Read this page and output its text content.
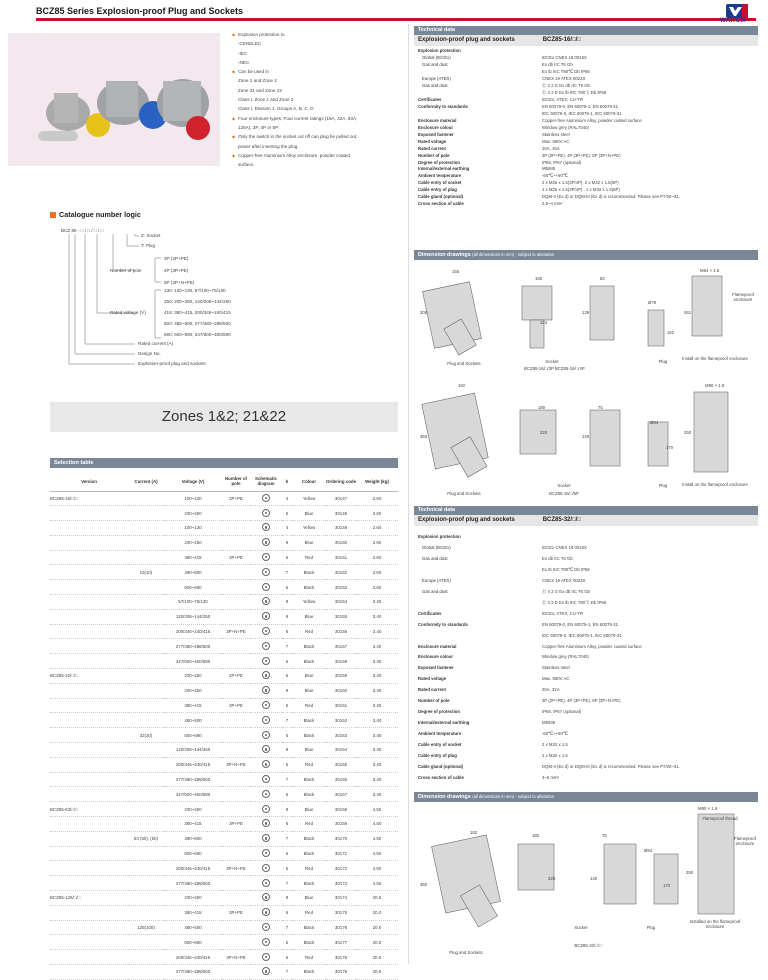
BCZ85 Series Explosion-proof Plug and Sockets
WAROM
◆ Explosion protection to
-CENELEC
-IEC
-NEC
◆ Can be used in
Zone 1 and Zone 2
Zone 21 and Zone 22
Class I, Zone 1 and Zone 2
Class I, Division 1, Groups A, B, C, D
◆ Four enclosure types; Four current ratings (16A, 32A, 63A,
125A); 3P, 4P or 5P.
◆ Only the switch in the socket cut off can plug be pulled out,
power after inserting the plug.
◆ Copper-free Aluminium Alloy enclosure, powder coated
surface.
Catalogue number logic
BCZ 85 - □ / □ / □ / □
Z: Socket
T: Plug
3P (2P+PE)
4P (3P+PE)
5P (3P+N+PE)
Number of pole
130: 100~130, 57/100~75/130
250: 200~250, 120/208~144/250
415: 380~415, 200/346~240/415
500: 480~500, 277/480~288/500
690: 600~690, 347/600~400/690
Rated voltage (V)
Rated current (A)
Design No.
Explosion-proof plug and sockets
Zones 1&2; 21&22
Selection table
Version	Current (A)	Voltage (V)	Number of pole	Schematic diagram	h	Colour	Ordering code	Weight (kg)
BCZ85-16/□/□		100~130	2P+PE		4	Yellow	30147	2.60
		200~250			6	Blue	30148	2.60
		100~130			4	Yellow	30149	2.60
		200~250			9	Blue	30150	2.60
		380~415	3P+PE		6	Red	30151	2.60
	16(10)	480~500			7	Black	30152	2.60
		600~690			5	Black	30153	2.60
		57/100~75/130			9	Yellow	30154	3.40
		120/208~144/250			9	Blue	30155	3.40
		200/346~240/415	3P+N+PE		6	Red	30156	3.40
		277/480~288/500			7	Black	30157	3.40
		347/600~400/690			5	Black	30158	3.40
BCZ85-32/□/□		200~250	2P+PE		6	Blue	30159	3.40
		200~250			9	Blue	30160	3.40
		380~415	3P+PE		6	Red	30161	3.40
		480~500			7	Black	30162	3.40
	32(20)	600~690			5	Black	30163	3.40
		120/208~144/250			9	Blue	30164	3.40
		200/346~240/415	3P+N+PE		6	Red	30165	3.40
		277/480~288/500			7	Black	30166	3.40
		347/600~400/690			5	Black	30167	3.40
BCZ85-63/□/□		200~250			9	Blue	30168	4.50
		380~415	3P+PE		6	Red	30169	4.50
	63 (50), (60)	480~500			7	Black	30170	4.50
		600~690			5	Black	30171	4.50
		200/346~240/415	3P+N+PE		6	Red	30172	4.50
		277/480~288/500			7	Black	30173	4.50
BCZ85-125/□/□		200~250			9	Blue	30174	20.0
		380~415	3P+PE		6	Red	30175	20.0
	125(100)	480~500			7	Black	30176	20.0
		600~690			5	Black	30177	20.0
		200/346~240/415	3P+N+PE		6	Red	30178	20.0
		277/480~288/500			7	Black	30179	20.0
Technical data
Explosion-proof plug and sockets	BCZ85-16/□/□
Explosion protection	
Global (IECEx)	IECEx CNEX 19.0015X
Gas and dust	Ex db IIC T6 Gb
	Ex tb IIIC T80℃ Db IP66
Europe (ATEX)	CNEX 19 ATEX 0023X
Gas and dust	Ⓔ II 2 G Ex db IIC T6 Gb
	Ⓔ II 2 D Ex tb IIIC T80℃ Db IP66
Certificates	IECEx; ATEX; CU-TR
Conformity to standards	EN 60079-0, EN 60079-1, EN 60079-31
	IEC 60079-0, IEC 60079-1, IEC 60079-31
Enclosure material	Copper-free Aluminium Alloy, powder coated surface
Enclosure colour	Window grey (RAL7040)
Exposed fastener	Stainless steel
Rated voltage	Max. 690V AC
Rated current	10A, 16A
Number of pole	3P (2P+PE), 4P (3P+PE), 5P (3P+N+PE)
Degree of protection	IP66, IP67 (optional)
Internal/external earthing	M5/M5
Ambient temperature	-60℃~+60℃
Cable entry of socket	2 x M25 x 1.5(3P/4P), 2 x M32 x 1.5(5P)
Cable entry of plug	1 x M25 x 1.5(3P/4P) , 1 x M32 x 1.5(5P)
Cable gland (optional)	DQM-II (Ex d) or DQM-III (Ex d) is recommended. Please see P7/20~31.
Cross section of cable	2.5~4 mm²
Dimension drawings (all dimensions in mm) - subject to alteration
Plug and Sockets	Socket
BCZ85-16/□/3P BCZ85-16/□/4P
Plug
Install on the flameproof enclosure
Plug and Sockets
Socket
BCZ85-16/□/5P
Plug	Install on the flameproof enclosure
155
155	82
Ø78
M64 × 1.5
182
180	75
Ø84
M90 × 1.5
308
124
139
162
261
350	140
170
250
220
Flameproof enclosure
Technical data
Explosion-proof plug and sockets	BCZ85-32/□/□
Explosion protection	
Global (IECEx)	IECEx CNEX 19.0015X
Gas and dust	Ex db IIC T6 Gb
	Ex tb IIIC T80℃ Db IP66
Europe (ATEX)	CNEX 19 ATEX 0023X
Gas and dust	Ⓔ II 2 G Ex db IIC T6 Gb
	Ⓔ II 2 D Ex tb IIIC T80℃ Db IP66
Certificates	IECEx; ATEX; CU-TR
Conformity to standards	EN 60079-0, EN 60079-1, EN 60079-31
	IEC 60079-0, IEC 60079-1, IEC 60079-31
Enclosure material	Copper-free Aluminium Alloy, powder coated surface
Enclosure colour	Window grey (RAL7040)
Exposed fastener	Stainless steel
Rated voltage	Max. 690V AC
Rated current	20A, 32A
Number of pole	3P (2P+PE), 4P (3P+PE), 5P (3P+N+PE)
Degree of protection	IP66, IP67 (optional)
Internal/external earthing	M5/M5
Ambient temperature	-60℃~+60℃
Cable entry of socket	2 x M32 x 1.5
Cable entry of plug	1 x M32 x 1.5
Cable gland (optional)	DQM-II (Ex d) or DQM-III (Ex d) is recommended. Please see P7/20~31.
Cross section of cable	4~6 mm²
Dimension drawings (all dimensions in mm) - subject to alteration
Plug and Sockets
Socket	Plug
Installed on the flameproof enclosure
BCZ85-32/□/□
Flameproof enclosure
Flameproof thread
182
180	75
Ø84
M90 × 1.5
350
140
170
250
220
